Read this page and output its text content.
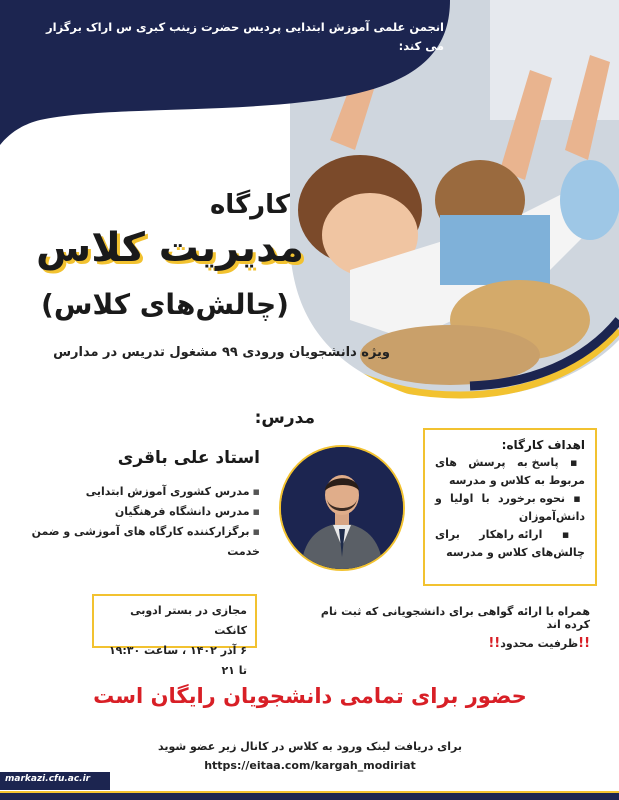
انجمن علمی آموزش ابتدایی پردیس حضرت زینب کبری س اراک برگزار می کند:
کارگاه
مدیریت کلاس
(چالش‌های کلاس)
ویژه دانشجویان ورودی ۹۹ مشغول تدریس در مدارس
مدرس:
استاد علی باقری
▪مدرس کشوری آموزش ابتدایی
▪مدرس دانشگاه فرهنگیان
▪برگزارکننده کارگاه های آموزشی و ضمن خدمت
اهداف کارگاه:
▪ پاسخ به پرسش های مربوط به کلاس و مدرسه
▪ نحوه برخورد با اولیا و دانش‌آموزان
▪ ارائه راهکار برای چالش‌های کلاس و مدرسه
مجازی در بستر ادوبی کانکت
۶ آذر ۱۴۰۲ ، ساعت ۱۹:۳۰ تا ۲۱
همراه با ارائه گواهی برای دانشجویانی که ثبت نام کرده اند
!!ظرفیت محدود!!
حضور برای تمامی دانشجویان رایگان است
برای دریافت لینک ورود به کلاس در کانال زیر عضو شوید
https://eitaa.com/kargah_modiriat
markazi.cfu.ac.ir
